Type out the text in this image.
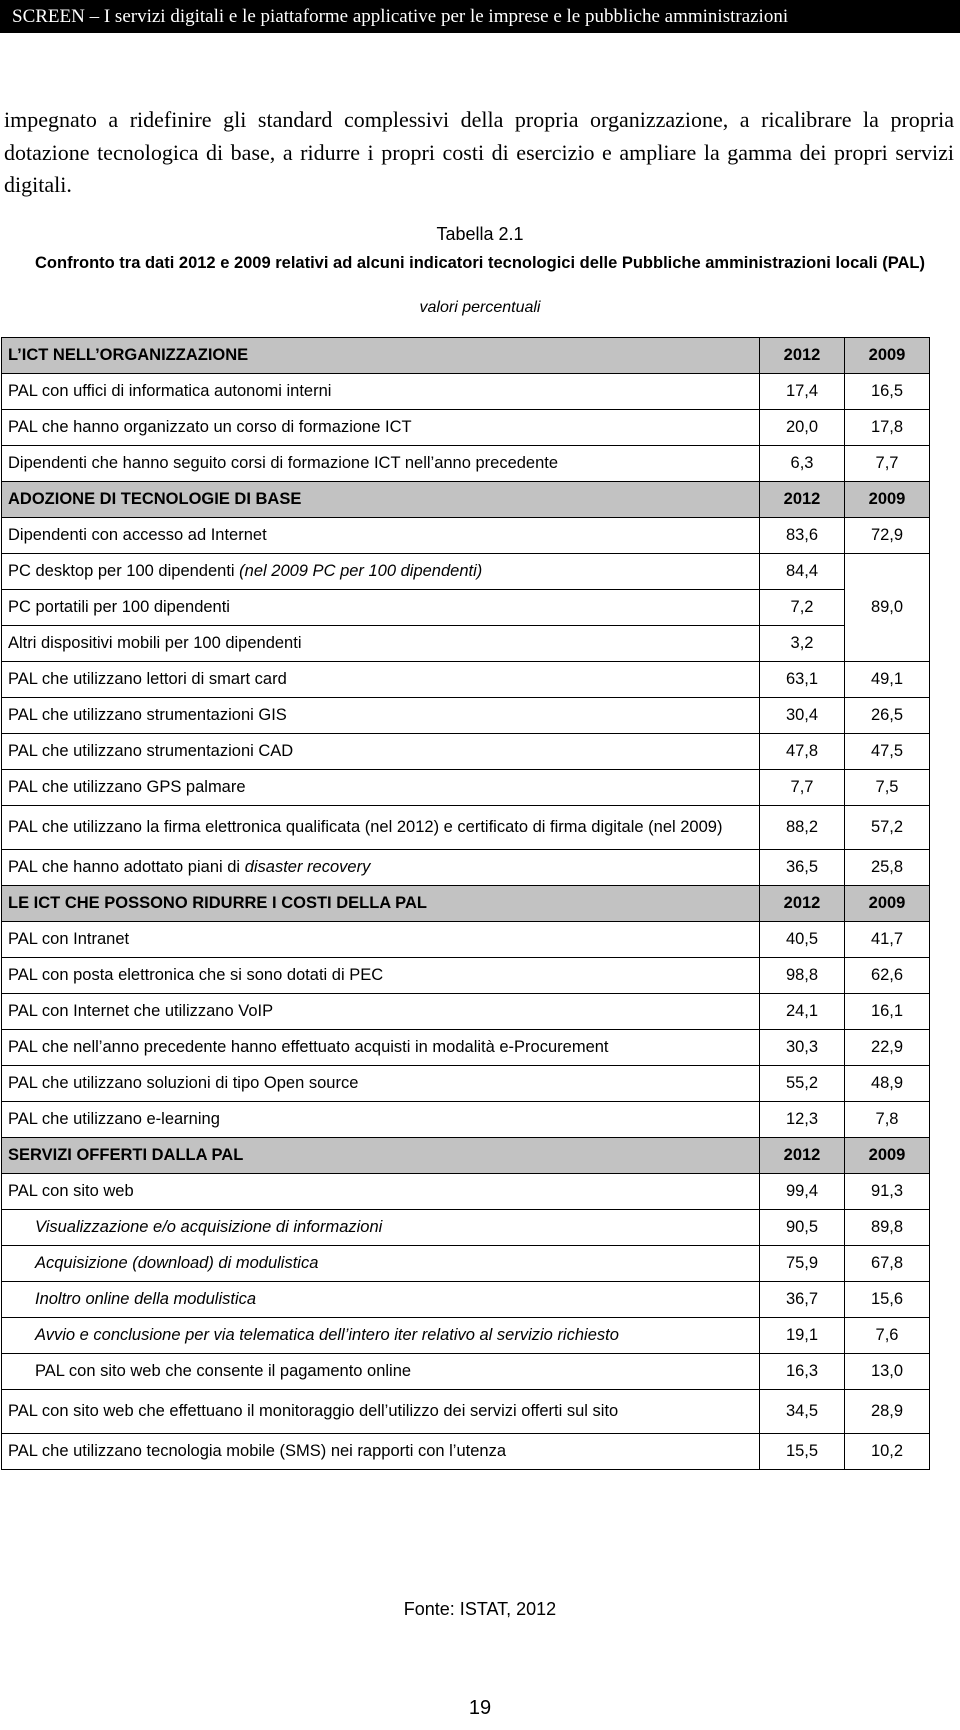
SCREEN – I servizi digitali e le piattaforme applicative per le imprese e le pubbliche amministrazioni
impegnato a ridefinire gli standard complessivi della propria organizzazione, a ricalibrare la propria dotazione tecnologica di base, a ridurre i propri costi di esercizio e ampliare la gamma dei propri servizi digitali.
Tabella 2.1
Confronto tra dati 2012 e 2009 relativi ad alcuni indicatori tecnologici delle Pubbliche amministrazioni locali (PAL)
valori percentuali
L’ICT NELL’ORGANIZZAZIONE	2012	2009
PAL con uffici di informatica autonomi interni	17,4	16,5
PAL che hanno organizzato un corso di formazione ICT	20,0	17,8
Dipendenti che hanno seguito corsi di formazione ICT nell’anno precedente	6,3	7,7
ADOZIONE DI TECNOLOGIE DI BASE	2012	2009
Dipendenti con accesso ad Internet	83,6	72,9
PC desktop per 100 dipendenti (nel 2009 PC per 100 dipendenti)	84,4	89,0
PC portatili per 100 dipendenti	7,2	
Altri dispositivi mobili per 100 dipendenti	3,2	
PAL che utilizzano lettori di smart card	63,1	49,1
PAL che utilizzano strumentazioni GIS	30,4	26,5
PAL che utilizzano strumentazioni CAD	47,8	47,5
PAL che utilizzano GPS palmare	7,7	7,5
PAL che utilizzano la firma elettronica qualificata (nel 2012) e certificato di firma digitale (nel 2009)	88,2	57,2
PAL che hanno adottato piani di disaster recovery	36,5	25,8
LE ICT CHE POSSONO RIDURRE I COSTI DELLA PAL	2012	2009
PAL con Intranet	40,5	41,7
PAL con posta elettronica che si sono dotati di PEC	98,8	62,6
PAL con Internet che utilizzano VoIP	24,1	16,1
PAL che nell’anno precedente hanno effettuato acquisti in modalità e-Procurement	30,3	22,9
PAL che utilizzano soluzioni di tipo Open source	55,2	48,9
PAL che utilizzano e-learning	12,3	7,8
SERVIZI OFFERTI DALLA PAL	2012	2009
PAL con sito web	99,4	91,3
Visualizzazione e/o acquisizione di informazioni	90,5	89,8
Acquisizione (download) di modulistica	75,9	67,8
Inoltro online della modulistica	36,7	15,6
Avvio e conclusione per via telematica dell’intero iter relativo al servizio richiesto	19,1	7,6
PAL con sito web che consente il pagamento online	16,3	13,0
PAL con sito web che effettuano il monitoraggio dell’utilizzo dei servizi offerti sul sito	34,5	28,9
PAL che utilizzano tecnologia mobile (SMS) nei rapporti con l’utenza	15,5	10,2
Fonte: ISTAT, 2012
19
